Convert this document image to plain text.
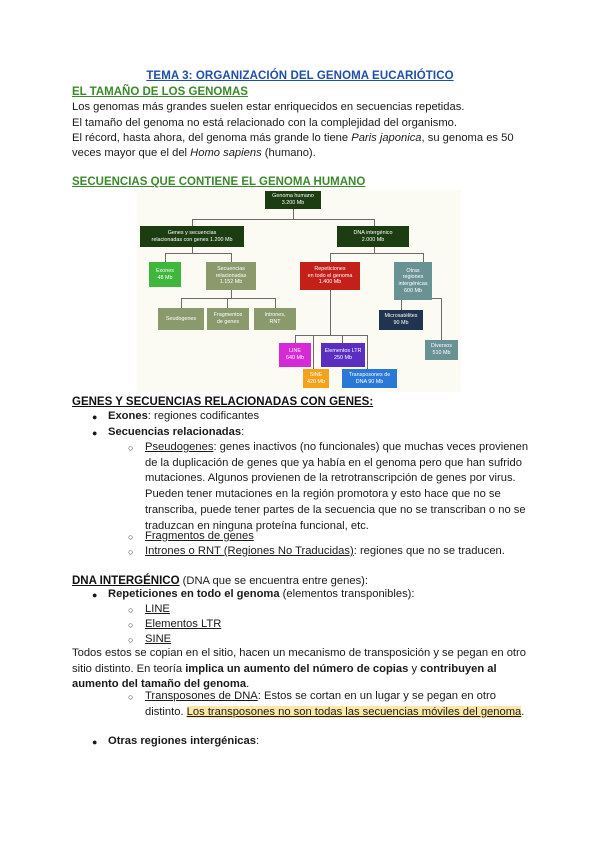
TEMA 3: ORGANIZACIÓN DEL GENOMA EUCARIÓTICO
EL TAMAÑO DE LOS GENOMAS
Los genomas más grandes suelen estar enriquecidos en secuencias repetidas.
El tamaño del genoma no está relacionado con la complejidad del organismo.
El récord, hasta ahora, del genoma más grande lo tiene Paris japonica, su genoma es 50
veces mayor que el del Homo sapiens (humano).
SECUENCIAS QUE CONTIENE EL GENOMA HUMANO
Genoma humano
3.200 Mb
Genes y secuencias
relacionadas con genes 1.200 Mb
DNA intergénico
2.000 Mb
Exones
48 Mb
Secuencias
relacionadas
1.152 Mb
Repeticiones
en todo el genoma
1.400 Mb
Otras
regiones
intergénicas
600 Mb
Seudogenes
Fragmentos
de genes
Intrones,
RNT
Microsatélites
90 Mb
Diversos
510 Mb
LINE
640 Mb
Elementos LTR
250 Mb
SINE
420 Mb
Transposones de
DNA 90 Mb
GENES Y SECUENCIAS RELACIONADAS CON GENES:
● Exones: regiones codificantes
● Secuencias relacionadas:
○ Pseudogenes: genes inactivos (no funcionales) que muchas veces provienen
de la duplicación de genes que ya había en el genoma pero que han sufrido
mutaciones. Algunos provienen de la retrotranscripción de genes por virus.
Pueden tener mutaciones en la región promotora y esto hace que no se
transcriba, puede tener partes de la secuencia que no se transcriban o no se
traduzcan en ninguna proteína funcional, etc.
○ Fragmentos de genes
○ Intrones o RNT (Regiones No Traducidas): regiones que no se traducen.
DNA INTERGÉNICO (DNA que se encuentra entre genes):
● Repeticiones en todo el genoma (elementos transponibles):
○ LINE
○ Elementos LTR
○ SINE
Todos estos se copian en el sitio, hacen un mecanismo de transposición y se pegan en otro
sitio distinto. En teoría implica un aumento del número de copias y contribuyen al
aumento del tamaño del genoma.
○ Transposones de DNA: Estos se cortan en un lugar y se pegan en otro
distinto. Los transposones no son todas las secuencias móviles del genoma.
● Otras regiones intergénicas:
